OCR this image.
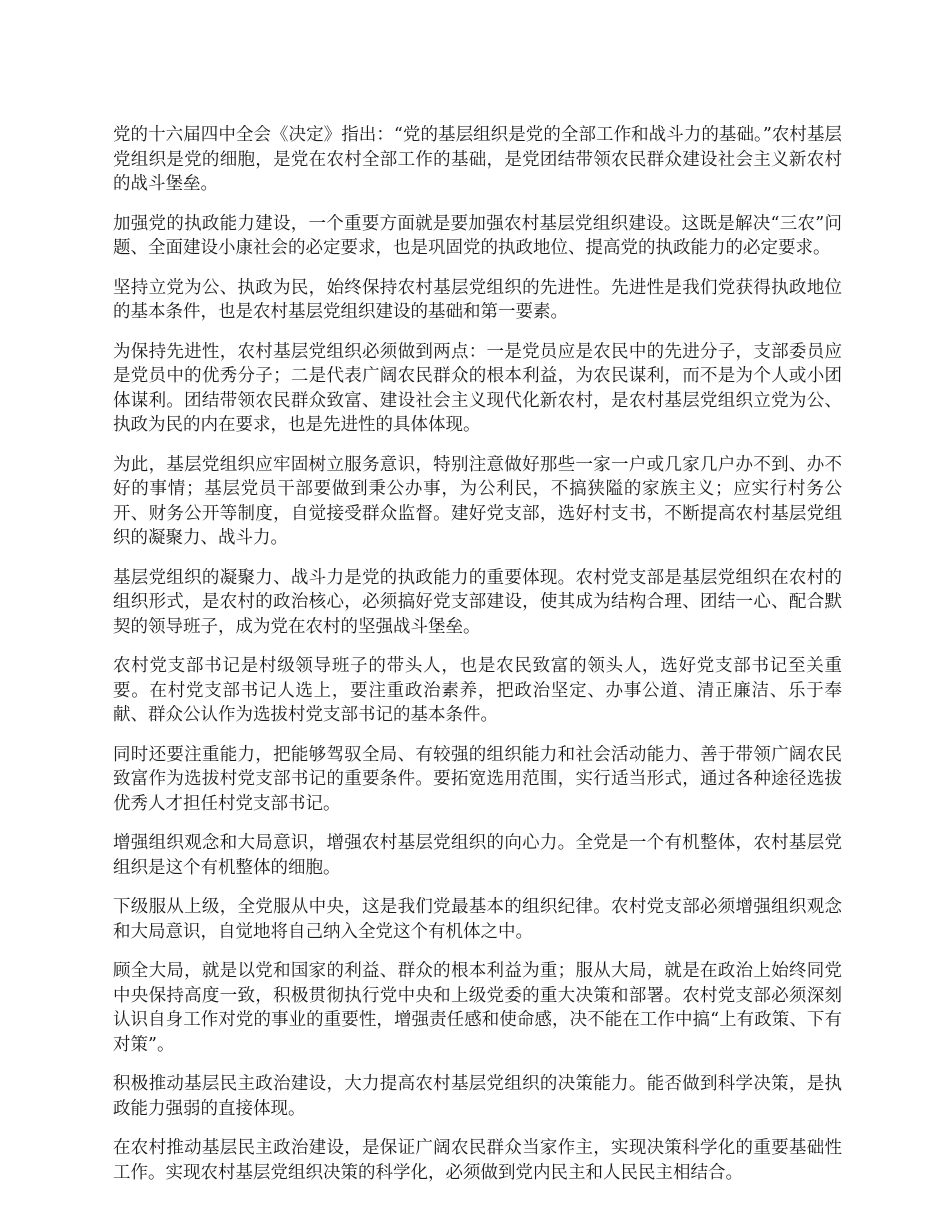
党的十六届四中全会《决定》指出：“党的基层组织是党的全部工作和战斗力的基础。”农村基层党组织是党的细胞，是党在农村全部工作的基础，是党团结带领农民群众建设社会主义新农村的战斗堡垒。

加强党的执政能力建设，一个重要方面就是要加强农村基层党组织建设。这既是解决“三农”问题、全面建设小康社会的必定要求，也是巩固党的执政地位、提高党的执政能力的必定要求。

坚持立党为公、执政为民，始终保持农村基层党组织的先进性。先进性是我们党获得执政地位的基本条件，也是农村基层党组织建设的基础和第一要素。

为保持先进性，农村基层党组织必须做到两点：一是党员应是农民中的先进分子，支部委员应是党员中的优秀分子；二是代表广阔农民群众的根本利益，为农民谋利，而不是为个人或小团体谋利。团结带领农民群众致富、建设社会主义现代化新农村，是农村基层党组织立党为公、执政为民的内在要求，也是先进性的具体体现。

为此，基层党组织应牢固树立服务意识，特别注意做好那些一家一户或几家几户办不到、办不好的事情；基层党员干部要做到秉公办事，为公利民，不搞狭隘的家族主义；应实行村务公开、财务公开等制度，自觉接受群众监督。建好党支部，选好村支书，不断提高农村基层党组织的凝聚力、战斗力。

基层党组织的凝聚力、战斗力是党的执政能力的重要体现。农村党支部是基层党组织在农村的组织形式，是农村的政治核心，必须搞好党支部建设，使其成为结构合理、团结一心、配合默契的领导班子，成为党在农村的坚强战斗堡垒。

农村党支部书记是村级领导班子的带头人，也是农民致富的领头人，选好党支部书记至关重要。在村党支部书记人选上，要注重政治素养，把政治坚定、办事公道、清正廉洁、乐于奉献、群众公认作为选拔村党支部书记的基本条件。

同时还要注重能力，把能够驾驭全局、有较强的组织能力和社会活动能力、善于带领广阔农民致富作为选拔村党支部书记的重要条件。要拓宽选用范围，实行适当形式，通过各种途径选拔优秀人才担任村党支部书记。

增强组织观念和大局意识，增强农村基层党组织的向心力。全党是一个有机整体，农村基层党组织是这个有机整体的细胞。

下级服从上级，全党服从中央，这是我们党最基本的组织纪律。农村党支部必须增强组织观念和大局意识，自觉地将自己纳入全党这个有机体之中。

顾全大局，就是以党和国家的利益、群众的根本利益为重；服从大局，就是在政治上始终同党中央保持高度一致，积极贯彻执行党中央和上级党委的重大决策和部署。农村党支部必须深刻认识自身工作对党的事业的重要性，增强责任感和使命感，决不能在工作中搞“上有政策、下有对策”。

积极推动基层民主政治建设，大力提高农村基层党组织的决策能力。能否做到科学决策，是执政能力强弱的直接体现。

在农村推动基层民主政治建设，是保证广阔农民群众当家作主，实现决策科学化的重要基础性工作。实现农村基层党组织决策的科学化，必须做到党内民主和人民民主相结合。
